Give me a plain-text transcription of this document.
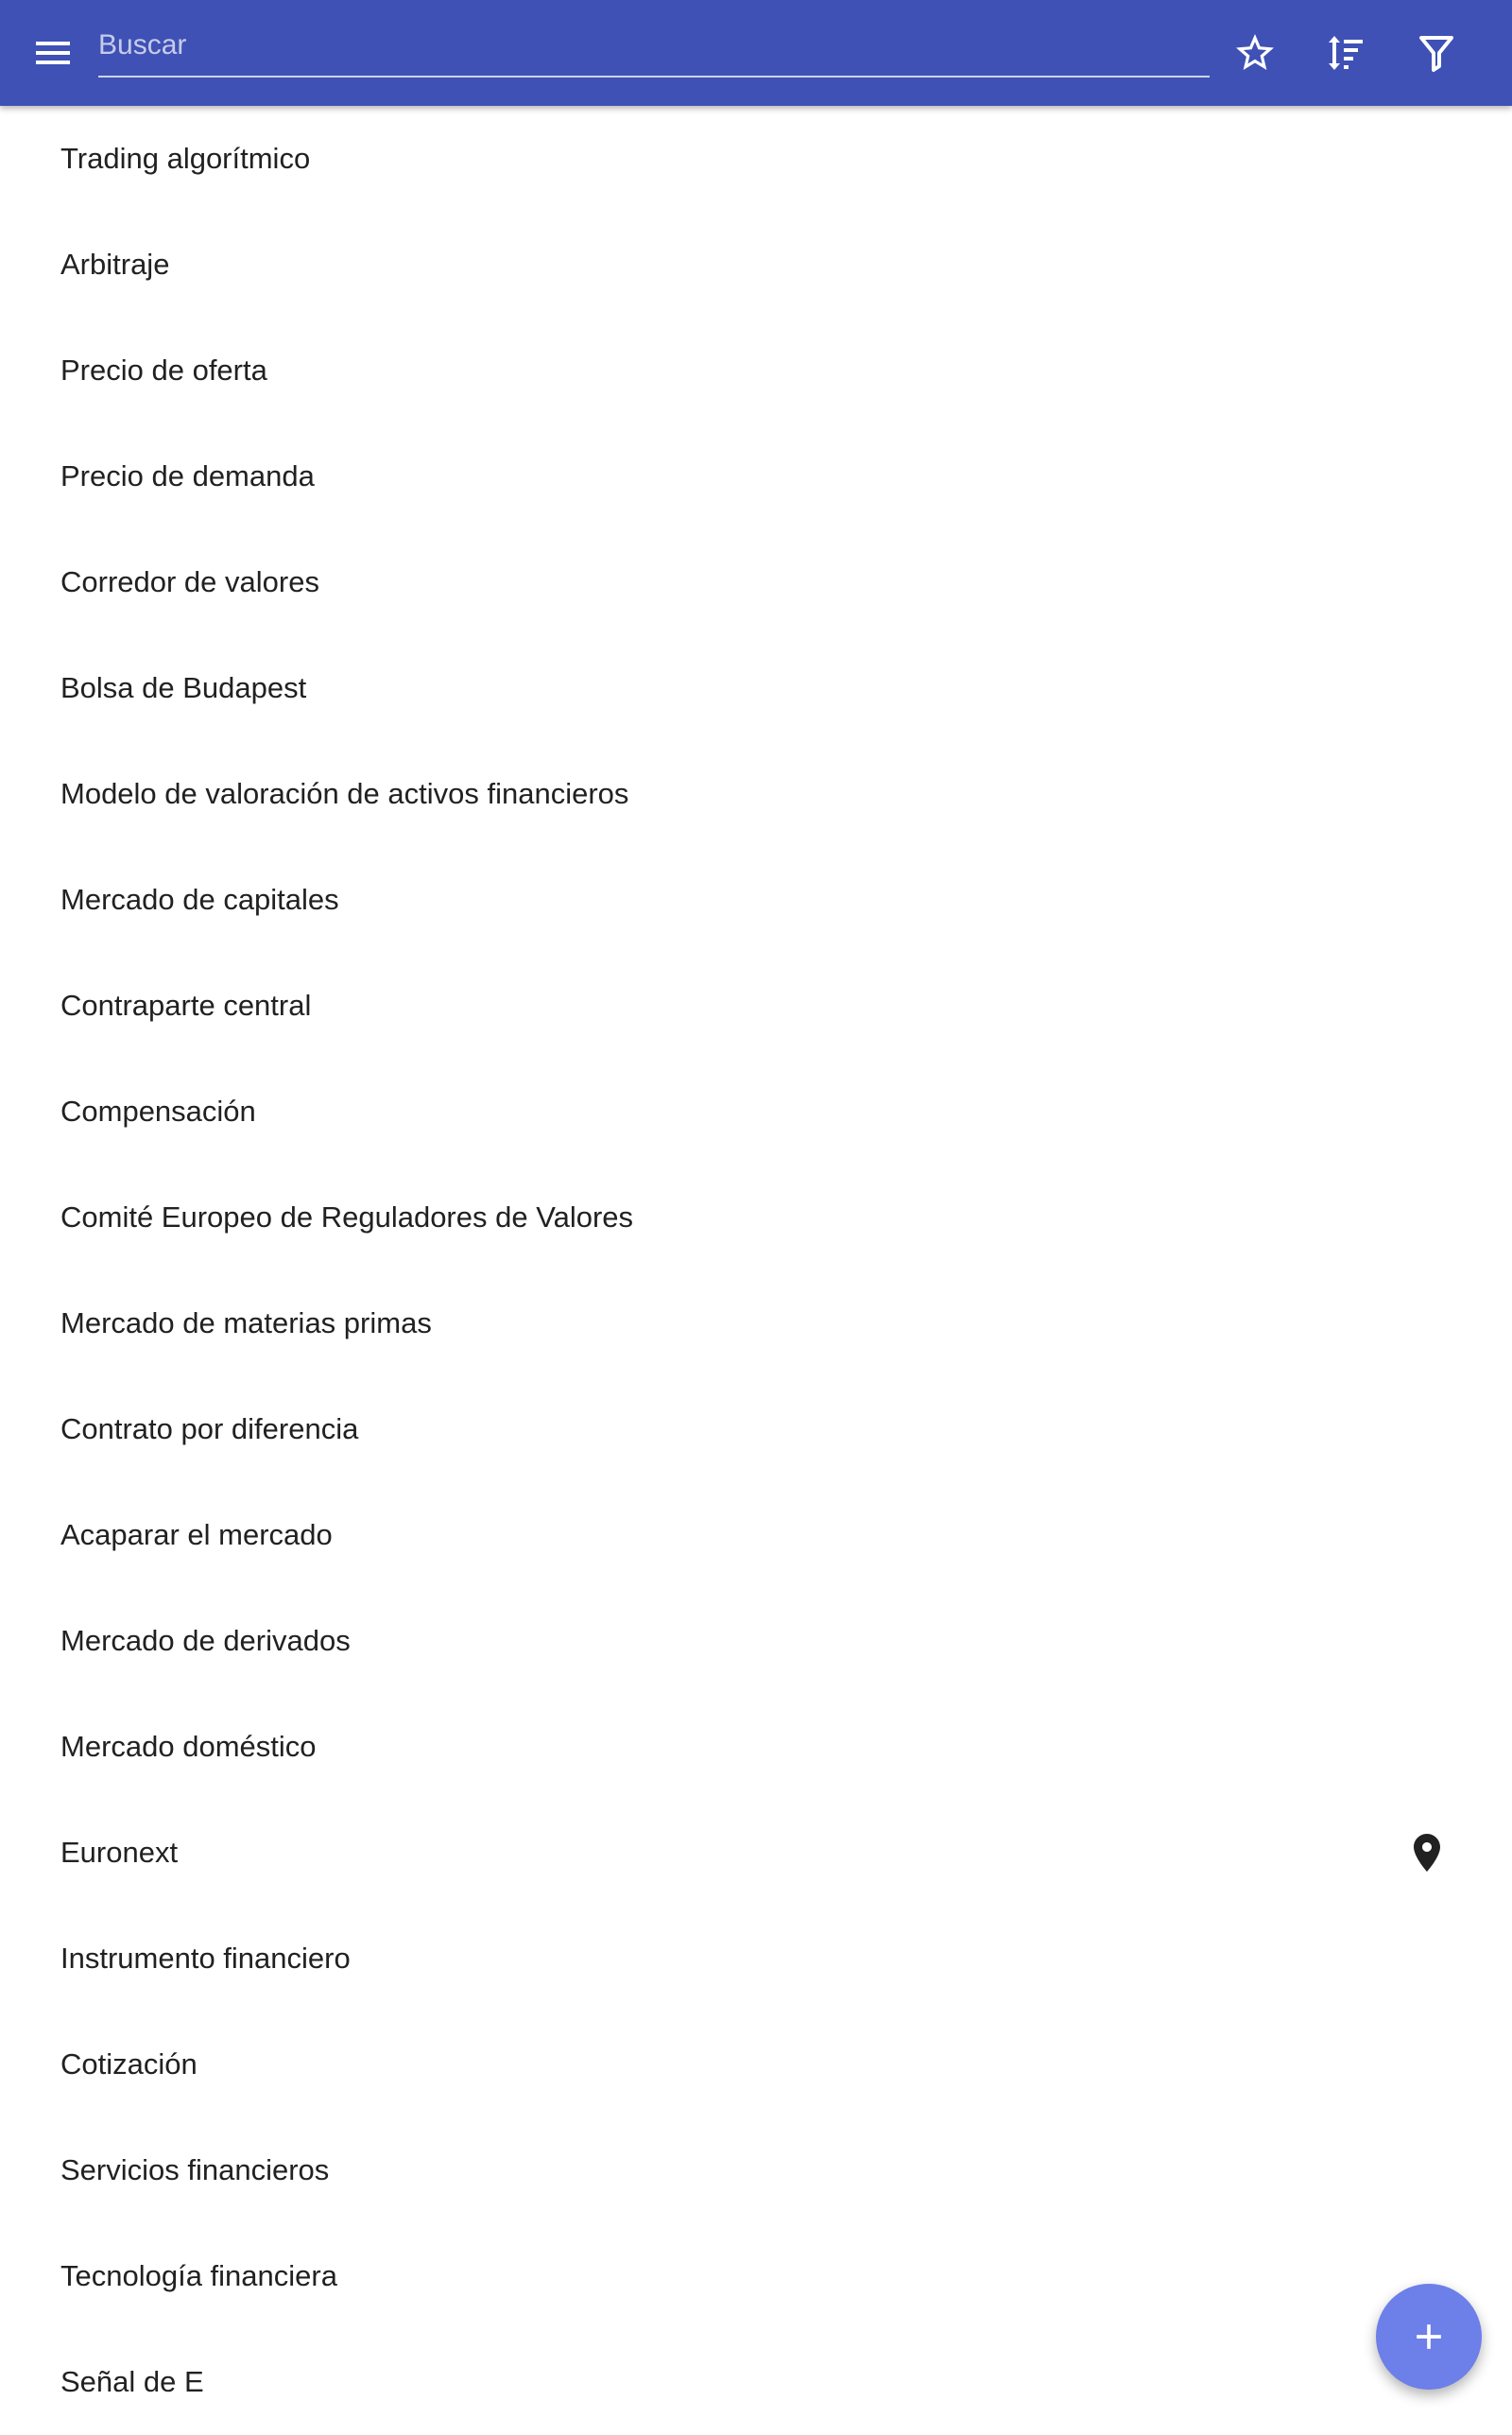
Buscar
Trading algorítmico
Arbitraje
Precio de oferta
Precio de demanda
Corredor de valores
Bolsa de Budapest
Modelo de valoración de activos financieros
Mercado de capitales
Contraparte central
Compensación
Comité Europeo de Reguladores de Valores
Mercado de materias primas
Contrato por diferencia
Acaparar el mercado
Mercado de derivados
Mercado doméstico
Euronext
Instrumento financiero
Cotización
Servicios financieros
Tecnología financiera
Señal de E
